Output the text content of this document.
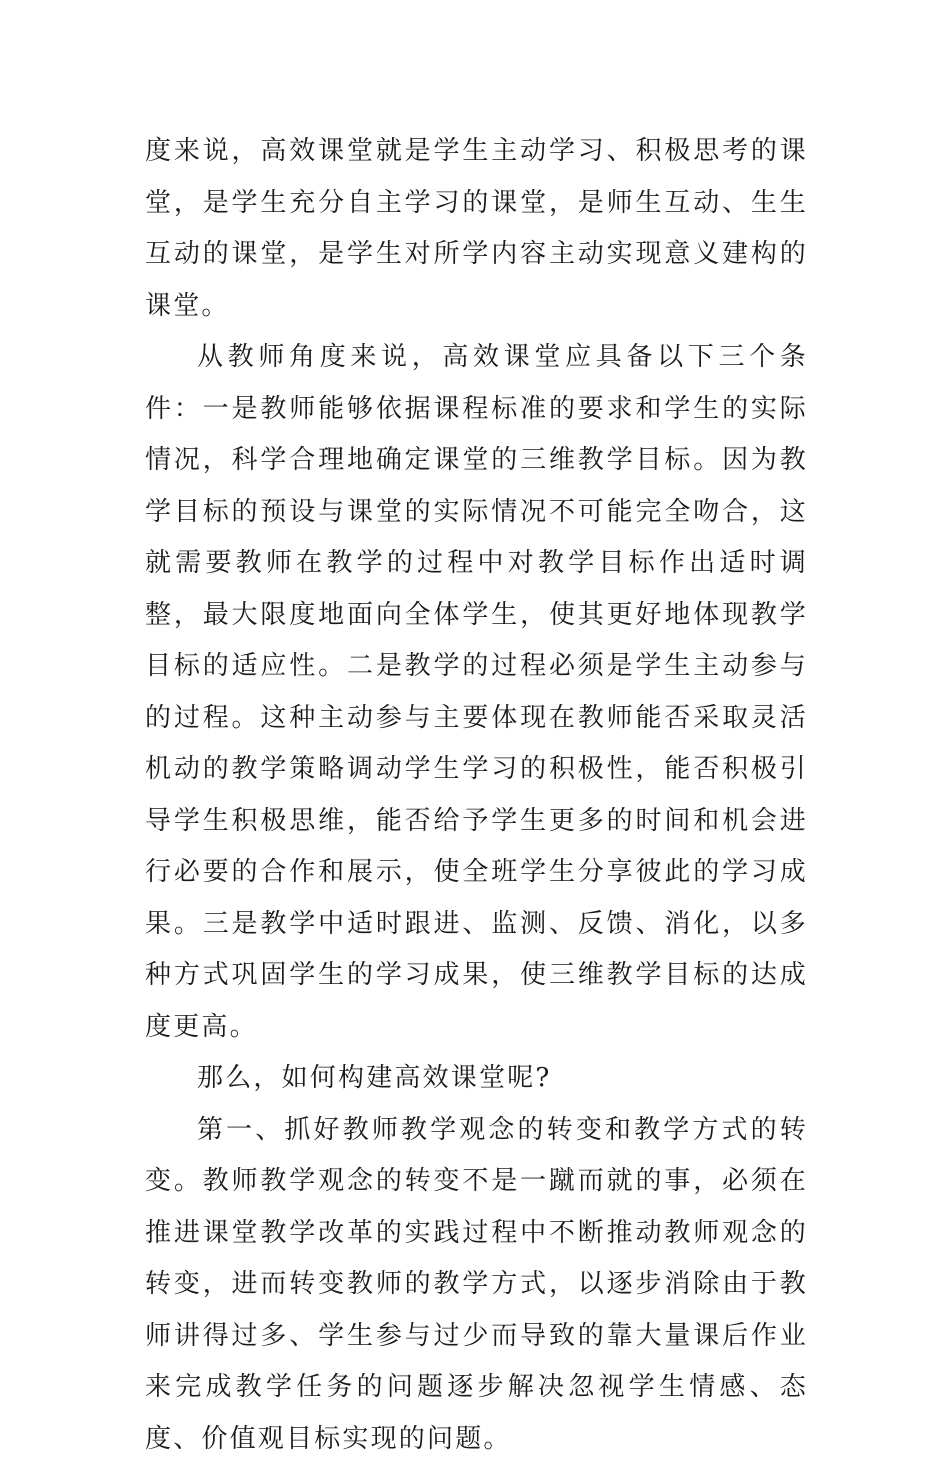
度来说，高效课堂就是学生主动学习、积极思考的课堂，是学生充分自主学习的课堂，是师生互动、生生互动的课堂，是学生对所学内容主动实现意义建构的课堂。

从教师角度来说，高效课堂应具备以下三个条件：一是教师能够依据课程标准的要求和学生的实际情况，科学合理地确定课堂的三维教学目标。因为教学目标的预设与课堂的实际情况不可能完全吻合，这就需要教师在教学的过程中对教学目标作出适时调整，最大限度地面向全体学生，使其更好地体现教学目标的适应性。二是教学的过程必须是学生主动参与的过程。这种主动参与主要体现在教师能否采取灵活机动的教学策略调动学生学习的积极性，能否积极引导学生积极思维，能否给予学生更多的时间和机会进行必要的合作和展示，使全班学生分享彼此的学习成果。三是教学中适时跟进、监测、反馈、消化，以多种方式巩固学生的学习成果，使三维教学目标的达成度更高。

那么，如何构建高效课堂呢?

第一、抓好教师教学观念的转变和教学方式的转变。教师教学观念的转变不是一蹴而就的事，必须在推进课堂教学改革的实践过程中不断推动教师观念的转变，进而转变教师的教学方式，以逐步消除由于教师讲得过多、学生参与过少而导致的靠大量课后作业来完成教学任务的问题逐步解决忽视学生情感、态度、价值观目标实现的问题。
